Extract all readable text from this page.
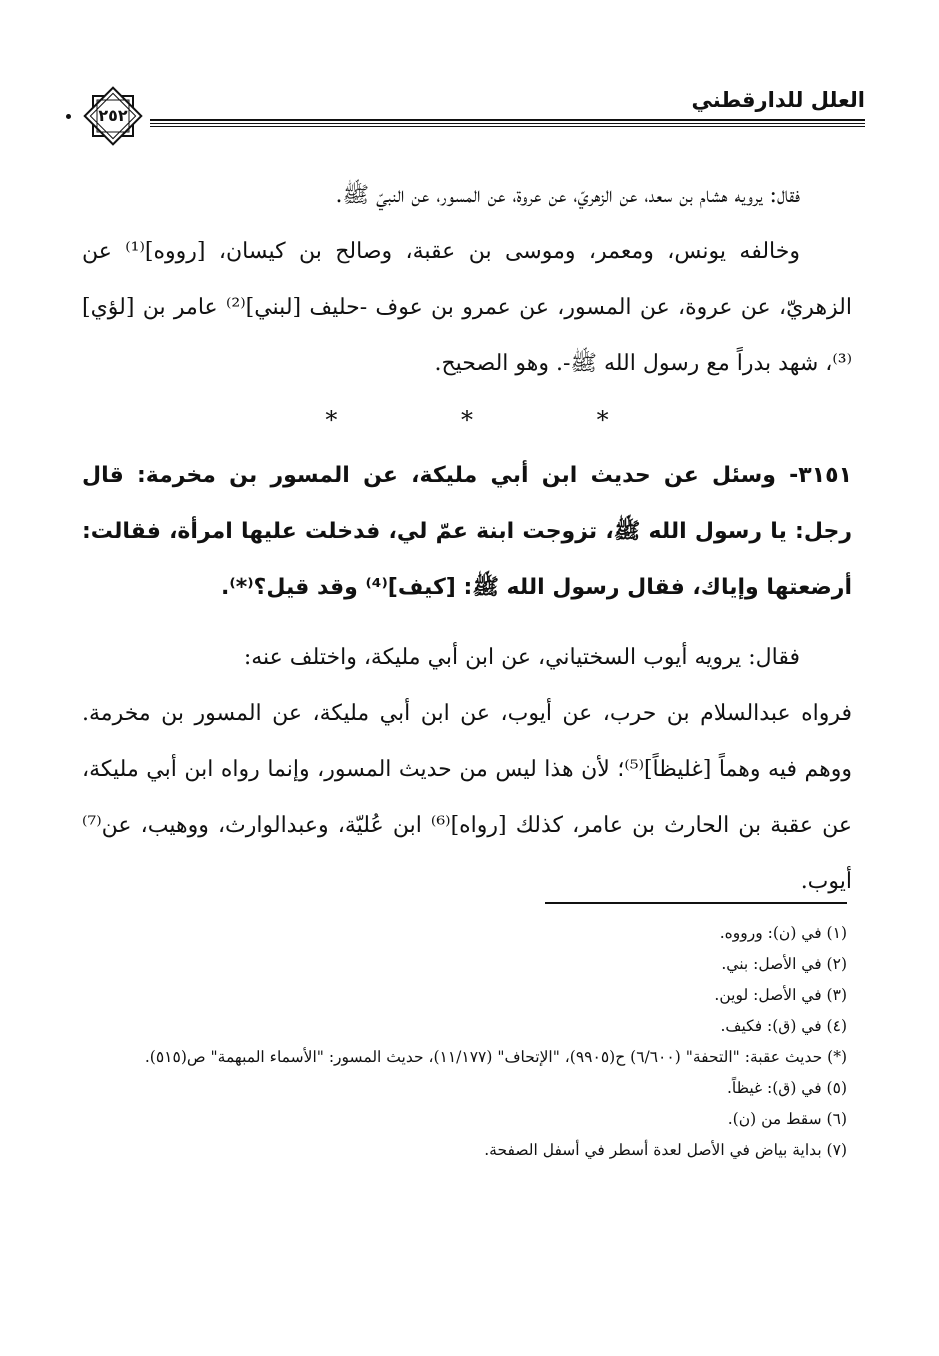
العلل للدارقطني
٢٥٢

فقال: يرويه هشام بن سعد، عن الزهريّ، عن عروة، عن المسور، عن النبيّ ﷺ.

وخالفه يونس، ومعمر، وموسى بن عقبة، وصالح بن كيسان، [رووه]⁽¹⁾ عن الزهريّ، عن عروة، عن المسور، عن عمرو بن عوف -حليف [لبني]⁽²⁾ عامر بن [لؤي]⁽³⁾، شهد بدراً مع رسول الله ﷺ-. وهو الصحيح.

* * *

٣١٥١- وسئل عن حديث ابن أبي مليكة، عن المسور بن مخرمة: قال رجل: يا رسول الله ﷺ، تزوجت ابنة عمّ لي، فدخلت عليها امرأة، فقالت: أرضعتها وإياك، فقال رسول الله ﷺ: [كيف]⁽⁴⁾ وقد قيل؟⁽*⁾.

فقال: يرويه أيوب السختياني، عن ابن أبي مليكة، واختلف عنه:

فرواه عبدالسلام بن حرب، عن أيوب، عن ابن أبي مليكة، عن المسور بن مخرمة. ووهم فيه وهماً [غليظاً]⁽⁵⁾؛ لأن هذا ليس من حديث المسور، وإنما رواه ابن أبي مليكة، عن عقبة بن الحارث بن عامر، كذلك [رواه]⁽⁶⁾ ابن عُليّة، وعبدالوارث، ووهيب، عن⁽⁷⁾ أيوب.

(١) في (ن): ورووه.

(٢) في الأصل: بني.

(٣) في الأصل: لوين.

(٤) في (ق): فكيف.

(*) حديث عقبة: "التحفة" (٦/٦٠٠) ح(٩٩٠٥)، "الإتحاف" (١١/١٧٧)، حديث المسور: "الأسماء المبهمة" ص(٥١٥).

(٥) في (ق): غيظاً.

(٦) سقط من (ن).

(٧) بداية بياض في الأصل لعدة أسطر في أسفل الصفحة.
